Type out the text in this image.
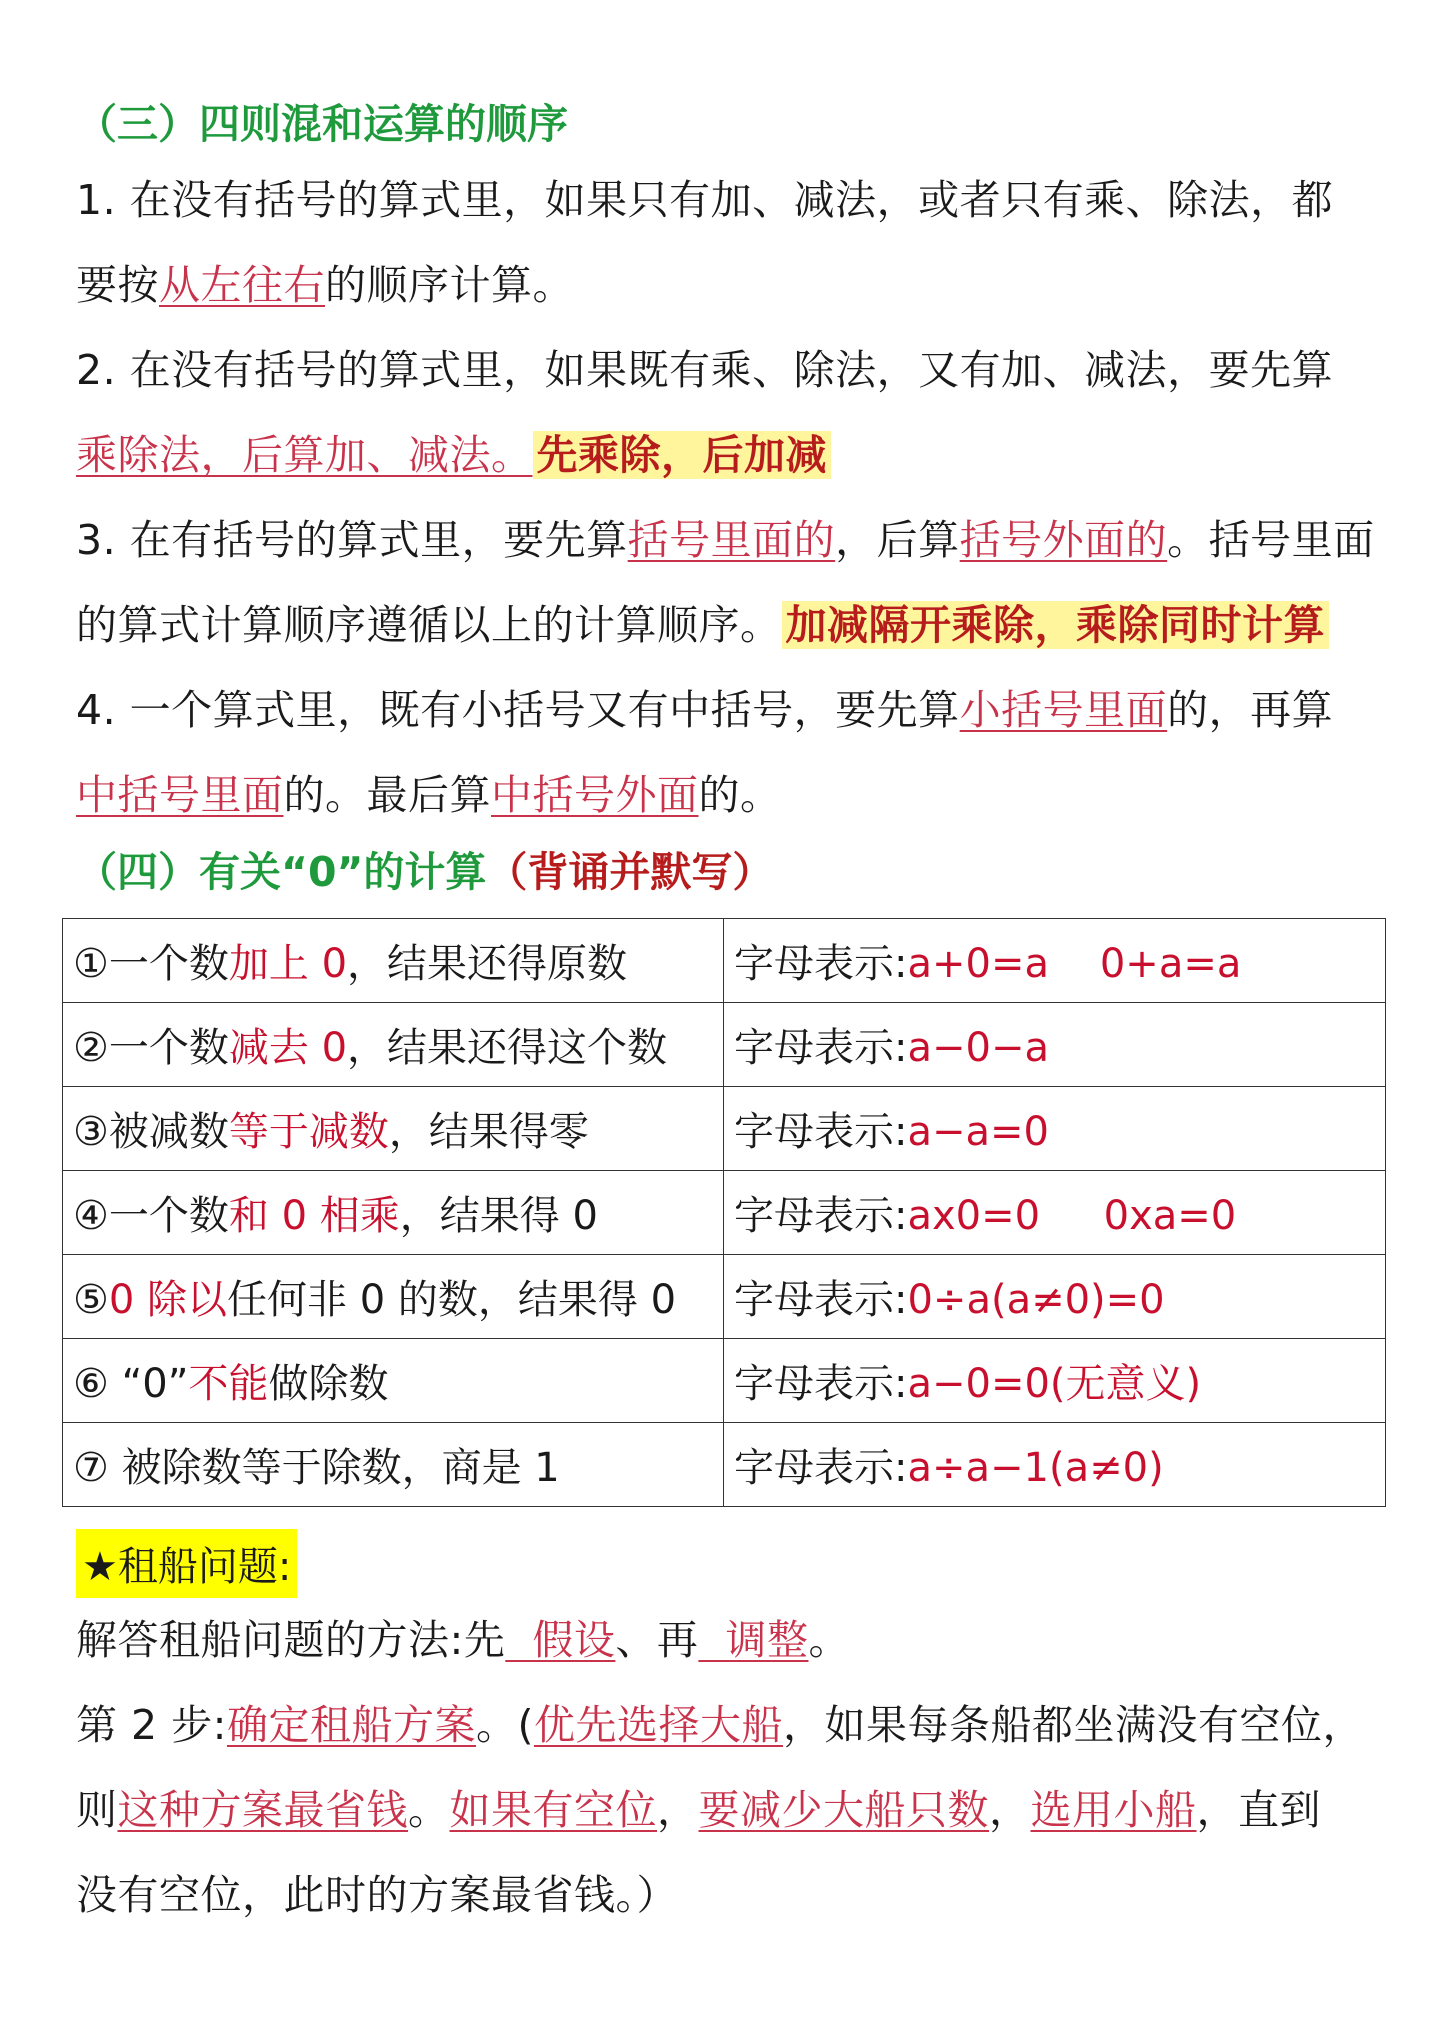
（三）四则混和运算的顺序
1. 在没有括号的算式里，如果只有加、减法，或者只有乘、除法，都
要按从左往右的顺序计算。
2. 在没有括号的算式里，如果既有乘、除法，又有加、减法，要先算
乘除法，后算加、减法。先乘除，后加减
3. 在有括号的算式里，要先算括号里面的，后算括号外面的。括号里面
的算式计算顺序遵循以上的计算顺序。加减隔开乘除，乘除同时计算
4. 一个算式里，既有小括号又有中括号，要先算小括号里面的，再算
中括号里面的。最后算中括号外面的。
（四）有关“0”的计算（背诵并默写）
①一个数加上 0，结果还得原数	字母表示:a+0=a    0+a=a
②一个数减去 0，结果还得这个数	字母表示:a−0−a
③被减数等于减数，结果得零	字母表示:a−a=0
④一个数和 0 相乘，结果得 0	字母表示:ax0=0     0xa=0
⑤0 除以任何非 0 的数，结果得 0	字母表示:0÷a(a≠0)=0
⑥ “0”不能做除数	字母表示:a−0=0(无意义)
⑦ 被除数等于除数，商是 1	字母表示:a÷a−1(a≠0)
★租船问题:
解答租船问题的方法:先  假设、再  调整。
第 2 步:确定租船方案。(优先选择大船，如果每条船都坐满没有空位，
则这种方案最省钱。如果有空位，要减少大船只数，选用小船，直到
没有空位，此时的方案最省钱。）
